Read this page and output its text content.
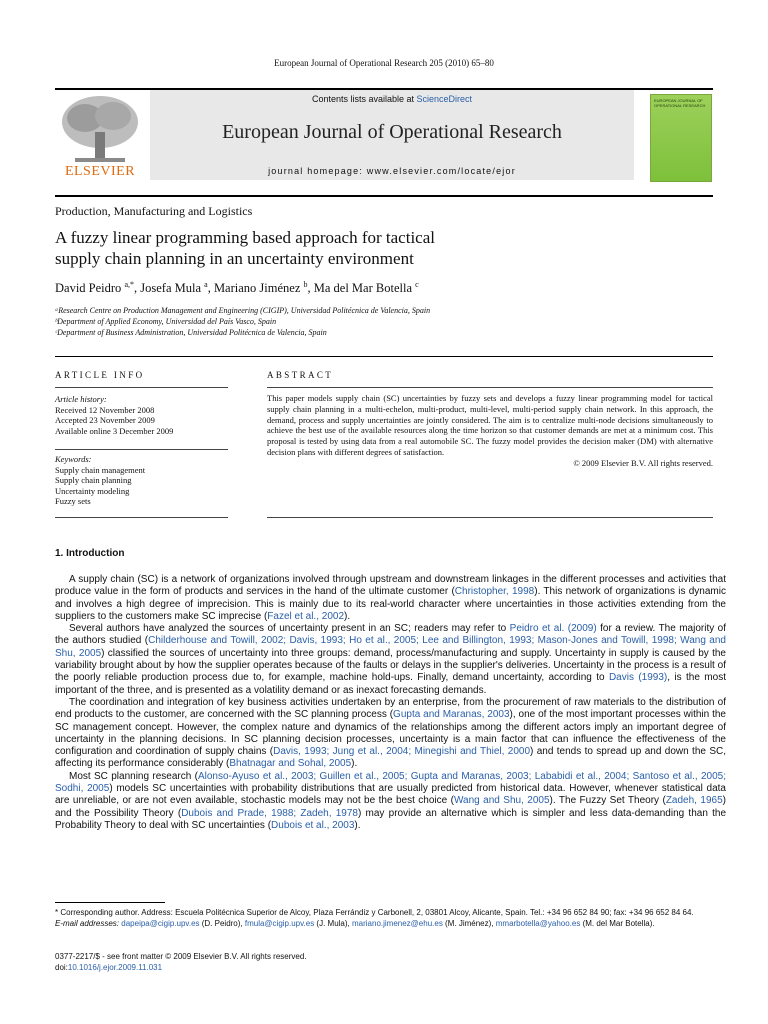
European Journal of Operational Research 205 (2010) 65–80
ELSEVIER
Contents lists available at ScienceDirect
European Journal of Operational Research
journal homepage: www.elsevier.com/locate/ejor
EUROPEAN JOURNAL OF OPERATIONAL RESEARCH
Production, Manufacturing and Logistics
A fuzzy linear programming based approach for tactical
supply chain planning in an uncertainty environment
David Peidro $^{a,*}$, Josefa Mula $^a$, Mariano Jiménez $^b$, Ma del Mar Botella $^c$
ᵃResearch Centre on Production Management and Engineering (CIGIP), Universidad Politécnica de Valencia, Spain
ᵇDepartment of Applied Economy, Universidad del País Vasco, Spain
ᶜDepartment of Business Administration, Universidad Politécnica de Valencia, Spain
ARTICLE INFO	ABSTRACT
Article history:
Received 12 November 2008
Accepted 23 November 2009
Available online 3 December 2009
Keywords:
Supply chain management
Supply chain planning
Uncertainty modeling
Fuzzy sets
This paper models supply chain (SC) uncertainties by fuzzy sets and develops a fuzzy linear programming model for tactical supply chain planning in a multi-echelon, multi-product, multi-level, multi-period supply chain network. In this approach, the demand, process and supply uncertainties are jointly considered. The aim is to centralize multi-node decisions simultaneously to achieve the best use of the available resources along the time horizon so that customer demands are met at a minimum cost. This proposal is tested by using data from a real automobile SC. The fuzzy model provides the decision maker (DM) with alternative decision plans with different degrees of satisfaction.
© 2009 Elsevier B.V. All rights reserved.
1. Introduction

A supply chain (SC) is a network of organizations involved through upstream and downstream linkages in the different processes and activities that produce value in the form of products and services in the hand of the ultimate customer (Christopher, 1998). This network of organizations is dynamic and involves a high degree of imprecision. This is mainly due to its real-world character where uncertainties in those activities extending from the suppliers to the customers make SC imprecise (Fazel et al., 2002).

Several authors have analyzed the sources of uncertainty present in an SC; readers may refer to Peidro et al. (2009) for a review. The majority of the authors studied (Childerhouse and Towill, 2002; Davis, 1993; Ho et al., 2005; Lee and Billington, 1993; Mason-Jones and Towill, 1998; Wang and Shu, 2005) classified the sources of uncertainty into three groups: demand, process/manufacturing and supply. Uncertainty in supply is caused by the variability brought about by how the supplier operates because of the faults or delays in the supplier's deliveries. Uncertainty in the process is a result of the poorly reliable production process due to, for example, machine hold-ups. Finally, demand uncertainty, according to Davis (1993), is the most important of the three, and is presented as a volatility demand or as inexact forecasting demands.

The coordination and integration of key business activities undertaken by an enterprise, from the procurement of raw materials to the distribution of end products to the customer, are concerned with the SC planning process (Gupta and Maranas, 2003), one of the most important processes within the SC management concept. However, the complex nature and dynamics of the relationships among the different actors imply an important degree of uncertainty in the planning decisions. In SC planning decision processes, uncertainty is a main factor that can influence the effectiveness of the configuration and coordination of supply chains (Davis, 1993; Jung et al., 2004; Minegishi and Thiel, 2000) and tends to spread up and down the SC, affecting its performance considerably (Bhatnagar and Sohal, 2005).

Most SC planning research (Alonso-Ayuso et al., 2003; Guillen et al., 2005; Gupta and Maranas, 2003; Lababidi et al., 2004; Santoso et al., 2005; Sodhi, 2005) models SC uncertainties with probability distributions that are usually predicted from historical data. However, whenever statistical data are unreliable, or are not even available, stochastic models may not be the best choice (Wang and Shu, 2005). The Fuzzy Set Theory (Zadeh, 1965) and the Possibility Theory (Dubois and Prade, 1988; Zadeh, 1978) may provide an alternative which is simpler and less data-demanding than the Probability Theory to deal with SC uncertainties (Dubois et al., 2003).

* Corresponding author. Address: Escuela Politécnica Superior de Alcoy, Plaza Ferrándiz y Carbonell, 2, 03801 Alcoy, Alicante, Spain. Tel.: +34 96 652 84 90; fax: +34 96 652 84 64.
E-mail addresses: dapeipa@cigip.upv.es (D. Peidro), fmula@cigip.upv.es (J. Mula), mariano.jimenez@ehu.es (M. Jiménez), mmarbotella@yahoo.es (M. del Mar Botella).
0377-2217/$ - see front matter © 2009 Elsevier B.V. All rights reserved.
doi:10.1016/j.ejor.2009.11.031
